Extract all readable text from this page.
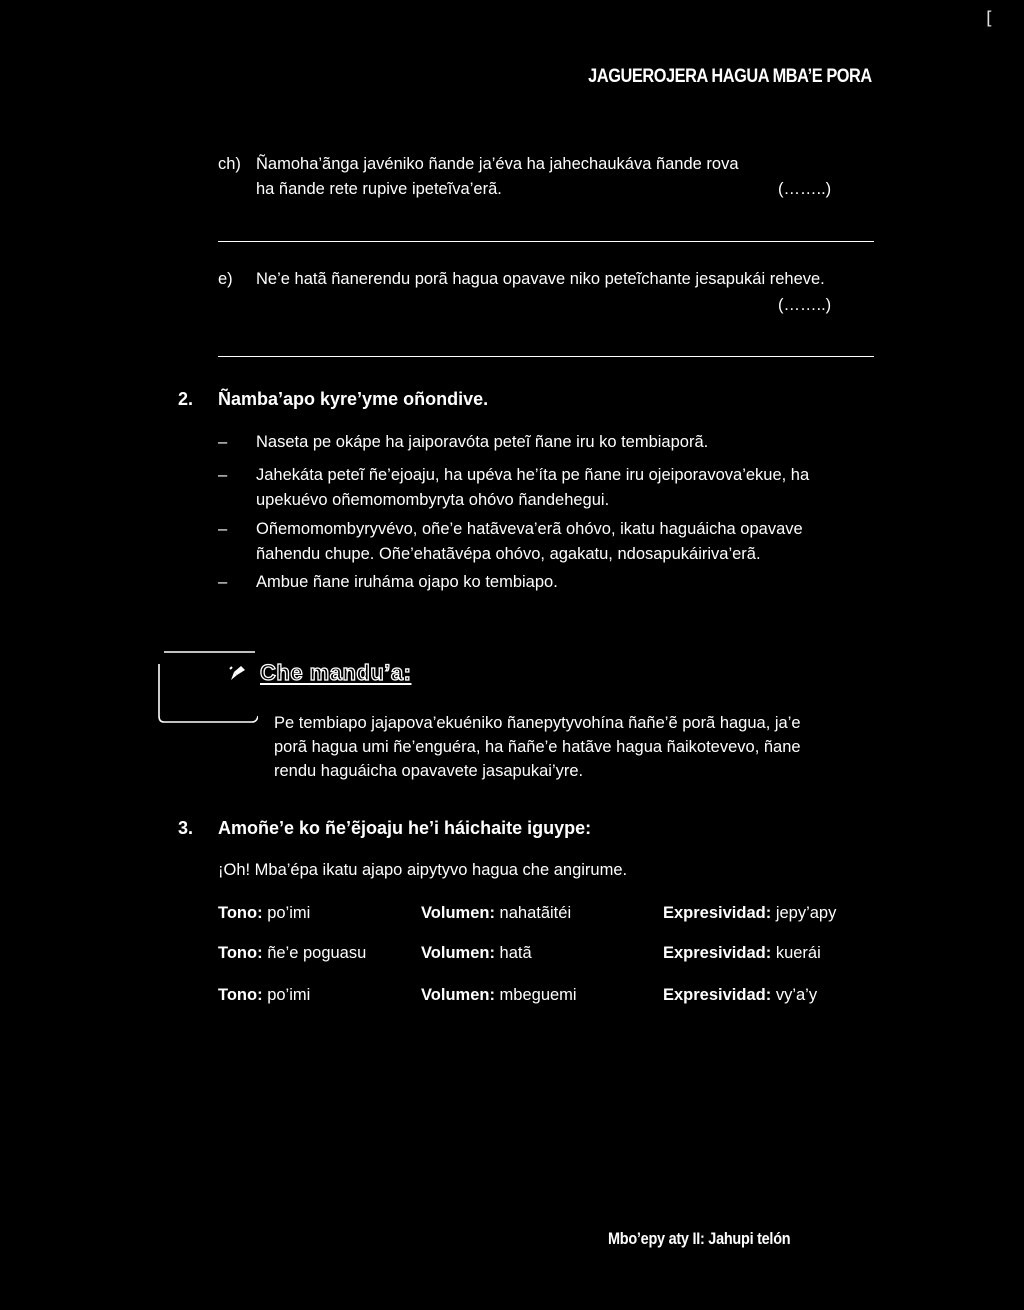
[
JAGUEROJERA HAGUA MBA’E PORA
ch) Ñamoha’ãnga javéniko ñande ja’éva ha jahechaukáva ñande rova
ha ñande rete rupive ipeteĩva’erã.	(……..)
e) Ne’e hatã ñanerendu porã hagua opavave niko peteĩchante jesapukái reheve.
(……..)
2. Ñamba’apo kyre’yme oñondive.
– Naseta pe okápe ha jaiporavóta peteĩ ñane iru ko tembiaporã.
– Jahekáta peteĩ ñe’ejoaju, ha upéva he’íta pe ñane iru ojeiporavova’ekue, ha
upekuévo oñemomombyryta ohóvo ñandehegui.
– Oñemomombyryvévo, oñe’e hatãveva’erã ohóvo, ikatu haguáicha opavave
ñahendu chupe. Oñe’ehatãvépa ohóvo, agakatu, ndosapukáiriva’erã.
– Ambue ñane iruháma ojapo ko tembiapo.
Che mandu’a:
Pe tembiapo jajapova’ekuéniko ñanepytyvohína ñañe’ẽ porã hagua, ja’e
porã hagua umi ñe’enguéra, ha ñañe’e hatãve hagua ñaikotevevo, ñane
rendu haguáicha opavavete jasapukai’yre.
3. Amoñe’e ko ñe’ẽjoaju he’i háichaite iguype:
¡Oh! Mba’épa ikatu ajapo aipytyvo hagua che angirume.
Tono: po’imi	Volumen: nahatãitéi	Expresividad: jepy’apy
Tono: ñe’e poguasu	Volumen: hatã	Expresividad: kuerái
Tono: po’imi	Volumen: mbeguemi	Expresividad: vy’a’y
Mbo’epy aty II: Jahupi telón
